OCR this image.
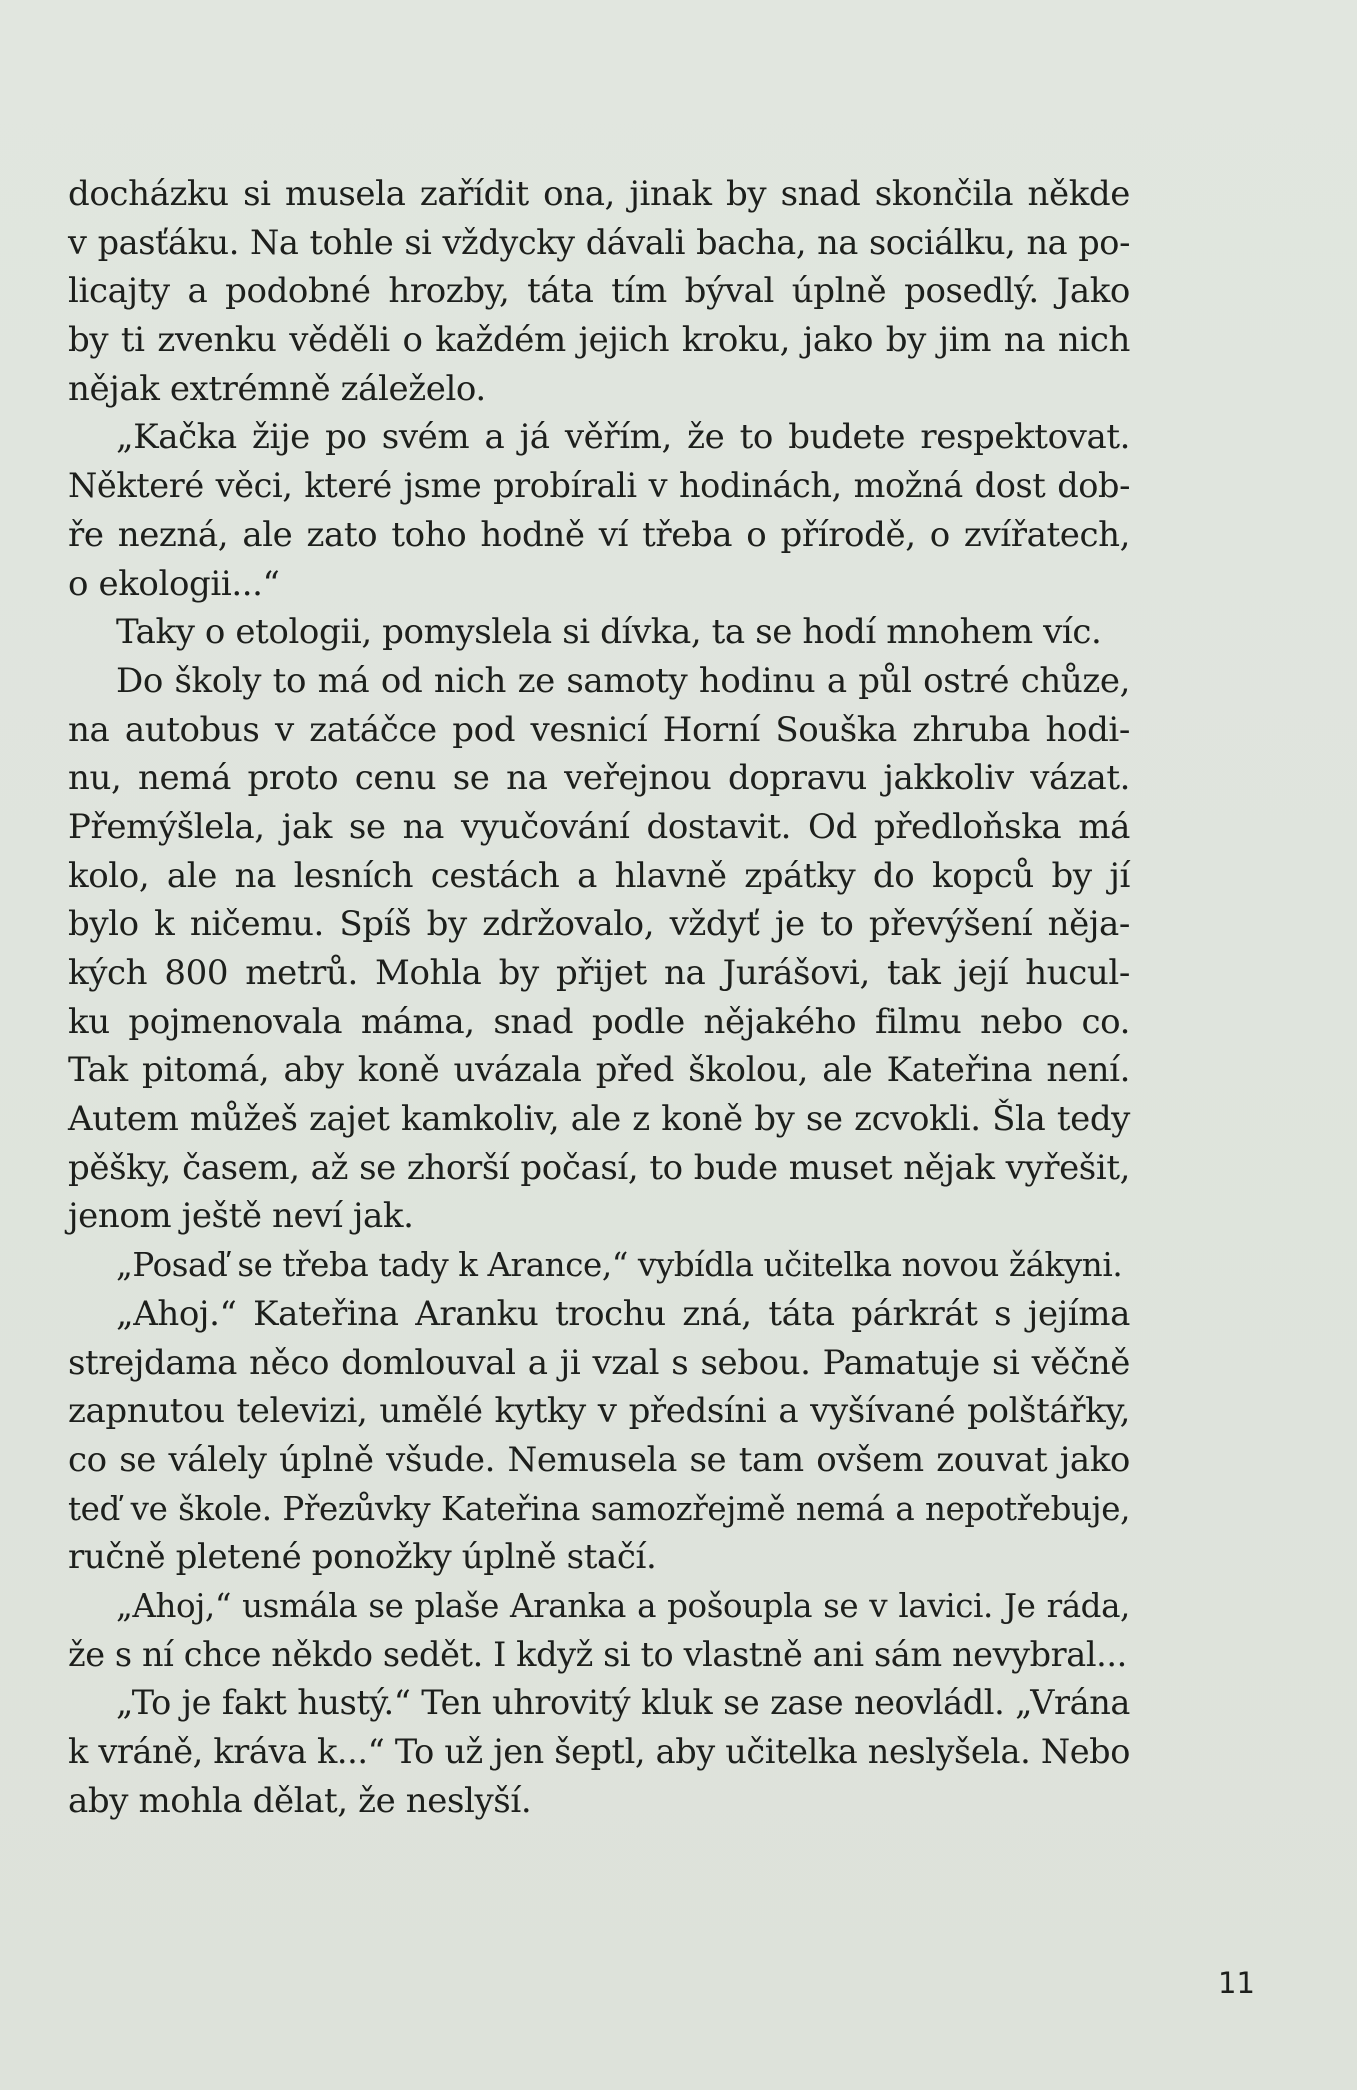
docházku si musela zařídit ona, jinak by snad skončila někde
v pasťáku. Na tohle si vždycky dávali bacha, na sociálku, na po-
licajty a podobné hrozby, táta tím býval úplně posedlý. Jako
by ti zvenku věděli o každém jejich kroku, jako by jim na nich
nějak extrémně záleželo.
„Kačka žije po svém a já věřím, že to budete respektovat.
Některé věci, které jsme probírali v hodinách, možná dost dob-
ře nezná, ale zato toho hodně ví třeba o přírodě, o zvířatech,
o ekologii...“
Taky o etologii, pomyslela si dívka, ta se hodí mnohem víc.
Do školy to má od nich ze samoty hodinu a půl ostré chůze,
na autobus v zatáčce pod vesnicí Horní Souška zhruba hodi-
nu, nemá proto cenu se na veřejnou dopravu jakkoliv vázat.
Přemýšlela, jak se na vyučování dostavit. Od předloňska má
kolo, ale na lesních cestách a hlavně zpátky do kopců by jí
bylo k ničemu. Spíš by zdržovalo, vždyť je to převýšení něja-
kých 800 metrů. Mohla by přijet na Jurášovi, tak její hucul-
ku pojmenovala máma, snad podle nějakého filmu nebo co.
Tak pitomá, aby koně uvázala před školou, ale Kateřina není.
Autem můžeš zajet kamkoliv, ale z koně by se zcvokli. Šla tedy
pěšky, časem, až se zhorší počasí, to bude muset nějak vyřešit,
jenom ještě neví jak.
„Posaď se třeba tady k Arance,“ vybídla učitelka novou žákyni.
„Ahoj.“ Kateřina Aranku trochu zná, táta párkrát s jejíma
strejdama něco domlouval a ji vzal s sebou. Pamatuje si věčně
zapnutou televizi, umělé kytky v předsíni a vyšívané polštářky,
co se válely úplně všude. Nemusela se tam ovšem zouvat jako
teď ve škole. Přezůvky Kateřina samozřejmě nemá a nepotřebuje,
ručně pletené ponožky úplně stačí.
„Ahoj,“ usmála se plaše Aranka a pošoupla se v lavici. Je ráda,
že s ní chce někdo sedět. I když si to vlastně ani sám nevybral...
„To je fakt hustý.“ Ten uhrovitý kluk se zase neovládl. „Vrána
k vráně, kráva k...“ To už jen šeptl, aby učitelka neslyšela. Nebo
aby mohla dělat, že neslyší.
11
